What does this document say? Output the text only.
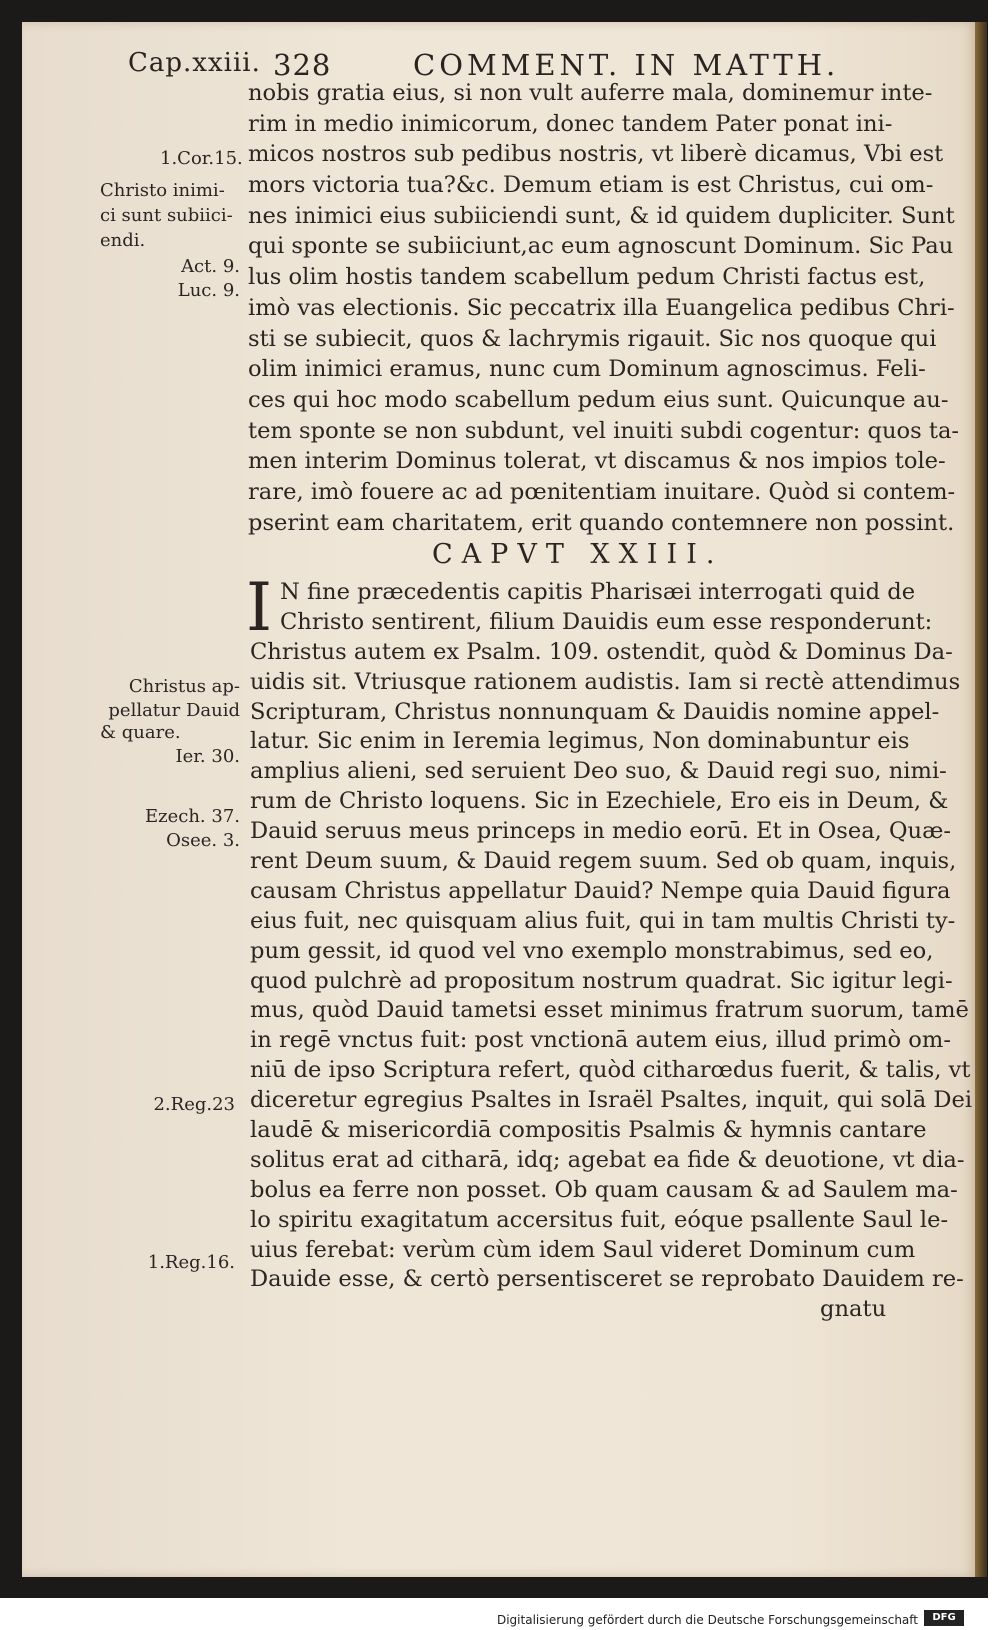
Cap.xxiii. 328	COMMENT. IN MATTH.
nobis gratia eius, si non vult auferre mala, dominemur inte-
rim in medio inimicorum, donec tandem Pater ponat ini-
micos nostros sub pedibus nostris, vt liberè dicamus, Vbi est
mors victoria tua?&c. Demum etiam is est Christus, cui om-
nes inimici eius subiiciendi sunt, & id quidem dupliciter. Sunt
qui sponte se subiiciunt,ac eum agnoscunt Dominum. Sic Pau
lus olim hostis tandem scabellum pedum Christi factus est,
imò vas electionis. Sic peccatrix illa Euangelica pedibus Chri-
sti se subiecit, quos & lachrymis rigauit. Sic nos quoque qui
olim inimici eramus, nunc cum Dominum agnoscimus. Feli-
ces qui hoc modo scabellum pedum eius sunt. Quicunque au-
tem sponte se non subdunt, vel inuiti subdi cogentur: quos ta-
men interim Dominus tolerat, vt discamus & nos impios tole-
rare, imò fouere ac ad pœnitentiam inuitare. Quòd si contem-
pserint eam charitatem, erit quando contemnere non possint.
CAPVT XXIII.
I N fine præcedentis capitis Pharisæi interrogati quid de
Christo sentirent, filium Dauidis eum esse responderunt:
Christus autem ex Psalm. 109. ostendit, quòd & Dominus Da-
uidis sit. Vtriusque rationem audistis. Iam si rectè attendimus
Scripturam, Christus nonnunquam & Dauidis nomine appel-
latur. Sic enim in Ieremia legimus, Non dominabuntur eis
amplius alieni, sed seruient Deo suo, & Dauid regi suo, nimi-
rum de Christo loquens. Sic in Ezechiele, Ero eis in Deum, &
Dauid seruus meus princeps in medio eorū. Et in Osea, Quæ-
rent Deum suum, & Dauid regem suum. Sed ob quam, inquis,
causam Christus appellatur Dauid? Nempe quia Dauid figura
eius fuit, nec quisquam alius fuit, qui in tam multis Christi ty-
pum gessit, id quod vel vno exemplo monstrabimus, sed eo,
quod pulchrè ad propositum nostrum quadrat. Sic igitur legi-
mus, quòd Dauid tametsi esset minimus fratrum suorum, tamē
in regē vnctus fuit: post vnctionā autem eius, illud primò om-
niū de ipso Scriptura refert, quòd citharœdus fuerit, & talis, vt
diceretur egregius Psaltes in Israël Psaltes, inquit, qui solā Dei
laudē & misericordiā compositis Psalmis & hymnis cantare
solitus erat ad citharā, idq; agebat ea fide & deuotione, vt dia-
bolus ea ferre non posset. Ob quam causam & ad Saulem ma-
lo spiritu exagitatum accersitus fuit, eóque psallente Saul le-
uius ferebat: verùm cùm idem Saul videret Dominum cum
Dauide esse, & certò persentisceret se reprobato Dauidem re-
gnatu
1.Cor.15.
Christo inimi-
ci sunt subiici-
endi.
Act. 9.
Luc. 9.
Christus ap-
pellatur Dauid
& quare.
Ier. 30.
Ezech. 37.
Osee. 3.
2.Reg.23
1.Reg.16.
Digitalisierung gefördert durch die Deutsche Forschungsgemeinschaft	DFG
